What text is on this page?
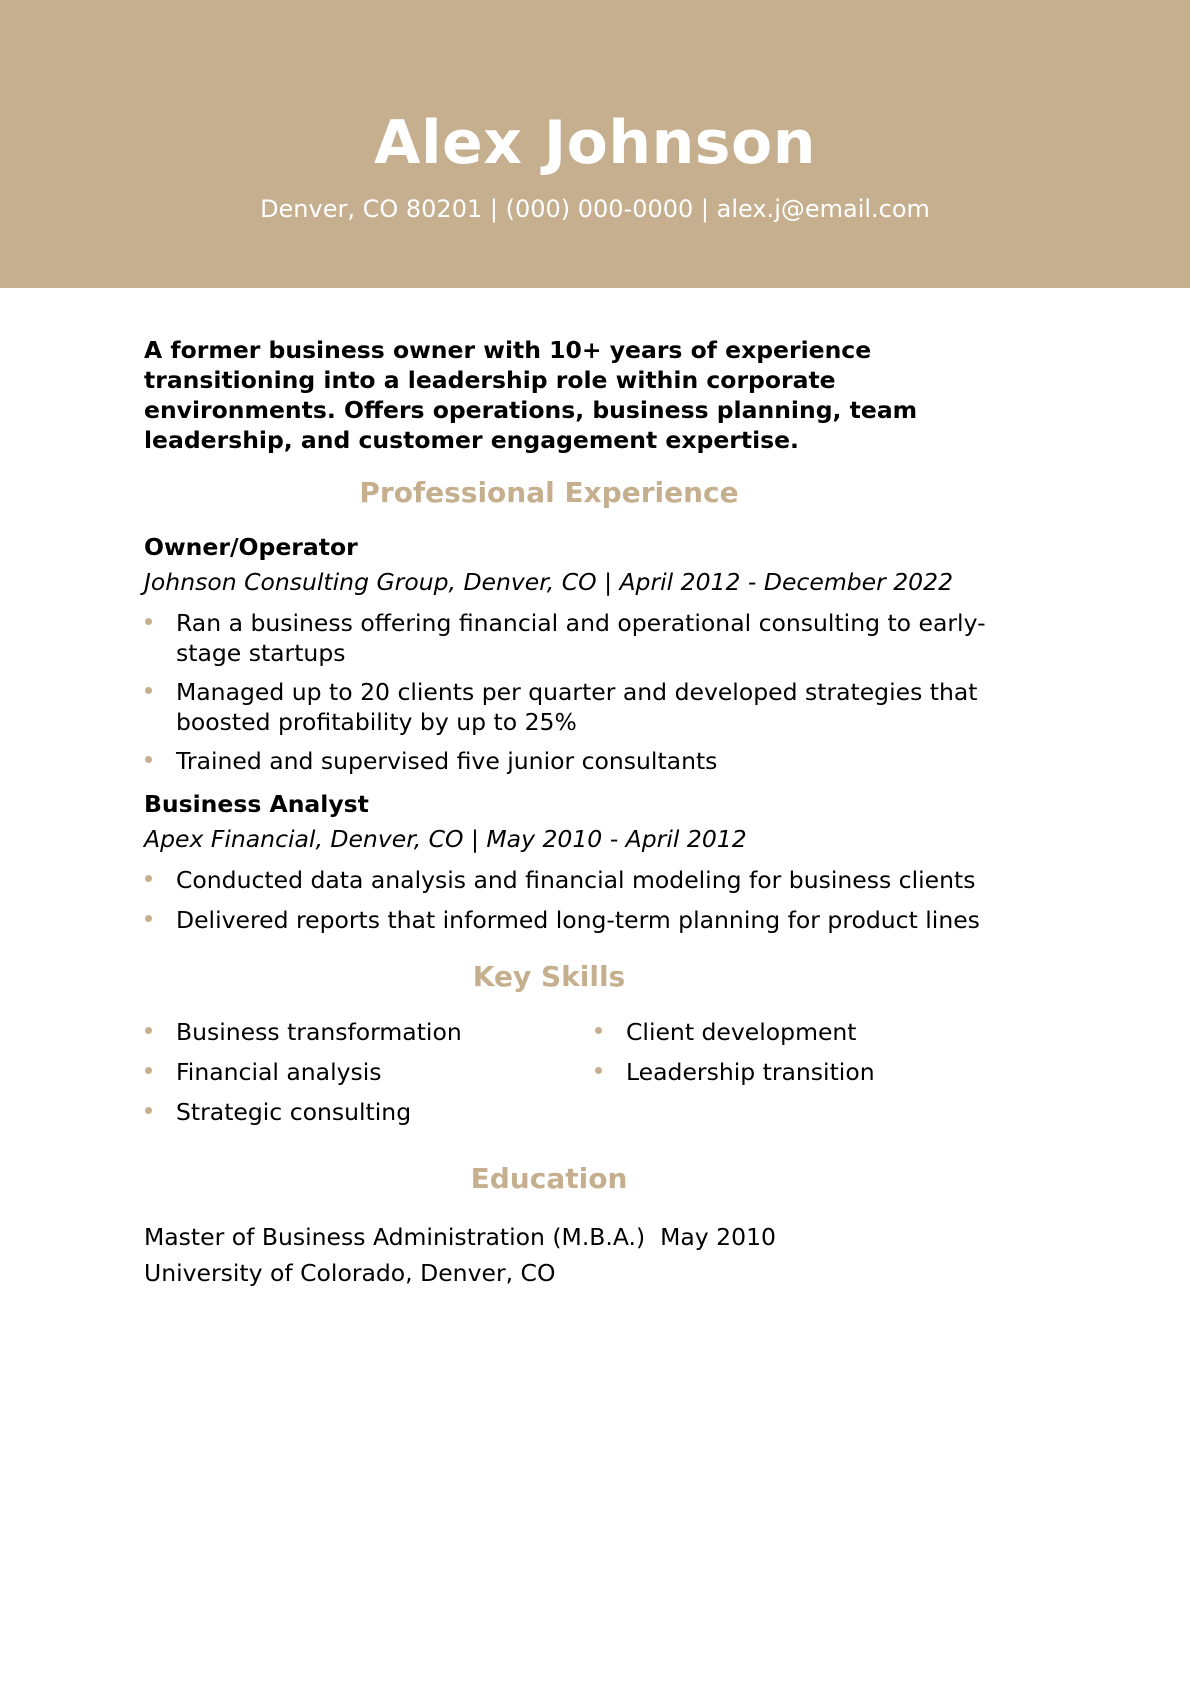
Alex Johnson
Denver, CO 80201 | (000) 000-0000 | alex.j@email.com

A former business owner with 10+ years of experience transitioning into a leadership role within corporate environments. Offers operations, business planning, team leadership, and customer engagement expertise.

Professional Experience
Owner/Operator
Johnson Consulting Group, Denver, CO | April 2012 - December 2022
Ran a business offering financial and operational consulting to early-stage startups
Managed up to 20 clients per quarter and developed strategies that boosted profitability by up to 25%
Trained and supervised five junior consultants
Business Analyst
Apex Financial, Denver, CO | May 2010 - April 2012
Conducted data analysis and financial modeling for business clients
Delivered reports that informed long-term planning for product lines
Key Skills
Business transformation
Financial analysis
Strategic consulting
Client development
Leadership transition
Education
Master of Business Administration (M.B.A.)  May 2010
University of Colorado, Denver, CO
